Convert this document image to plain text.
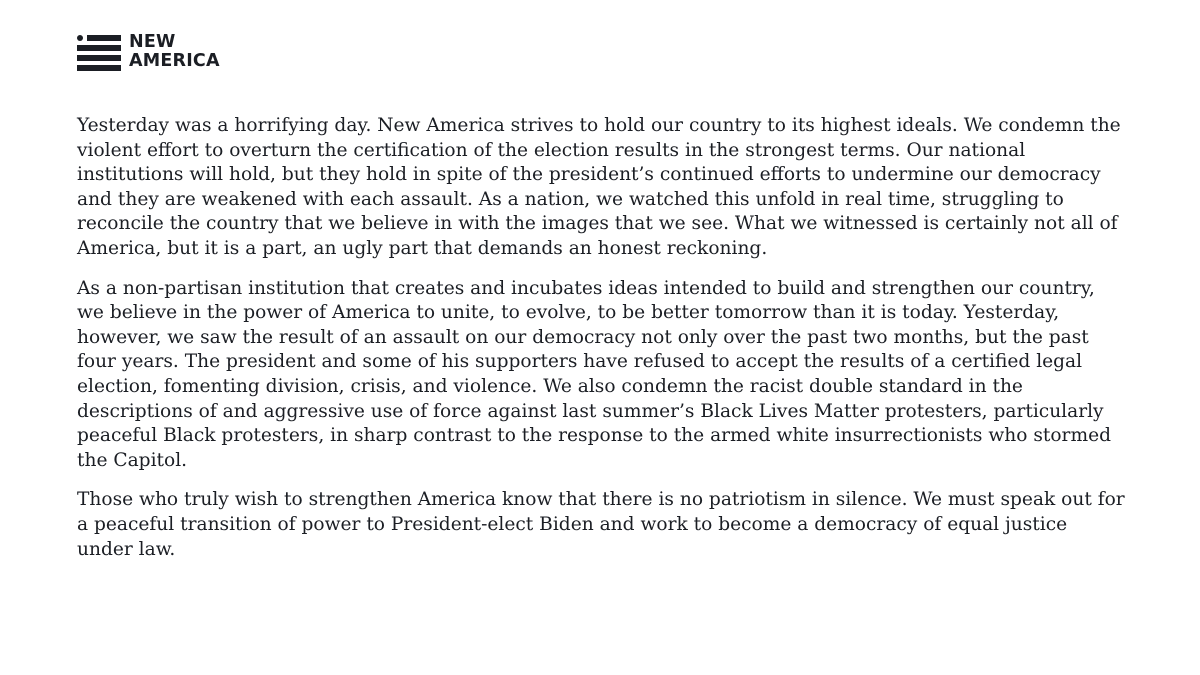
NEW
AMERICA

Yesterday was a horrifying day. New America strives to hold our country to its highest ideals. We condemn the violent effort to overturn the certification of the election results in the strongest terms. Our national institutions will hold, but they hold in spite of the president’s continued efforts to undermine our democracy and they are weakened with each assault. As a nation, we watched this unfold in real time, struggling to reconcile the country that we believe in with the images that we see. What we witnessed is certainly not all of America, but it is a part, an ugly part that demands an honest reckoning.

As a non-partisan institution that creates and incubates ideas intended to build and strengthen our country, we believe in the power of America to unite, to evolve, to be better tomorrow than it is today. Yesterday, however, we saw the result of an assault on our democracy not only over the past two months, but the past four years. The president and some of his supporters have refused to accept the results of a certified legal election, fomenting division, crisis, and violence. We also condemn the racist double standard in the descriptions of and aggressive use of force against last summer’s Black Lives Matter protesters, particularly peaceful Black protesters, in sharp contrast to the response to the armed white insurrectionists who stormed the Capitol.

Those who truly wish to strengthen America know that there is no patriotism in silence. We must speak out for a peaceful transition of power to President-elect Biden and work to become a democracy of equal justice under law.
